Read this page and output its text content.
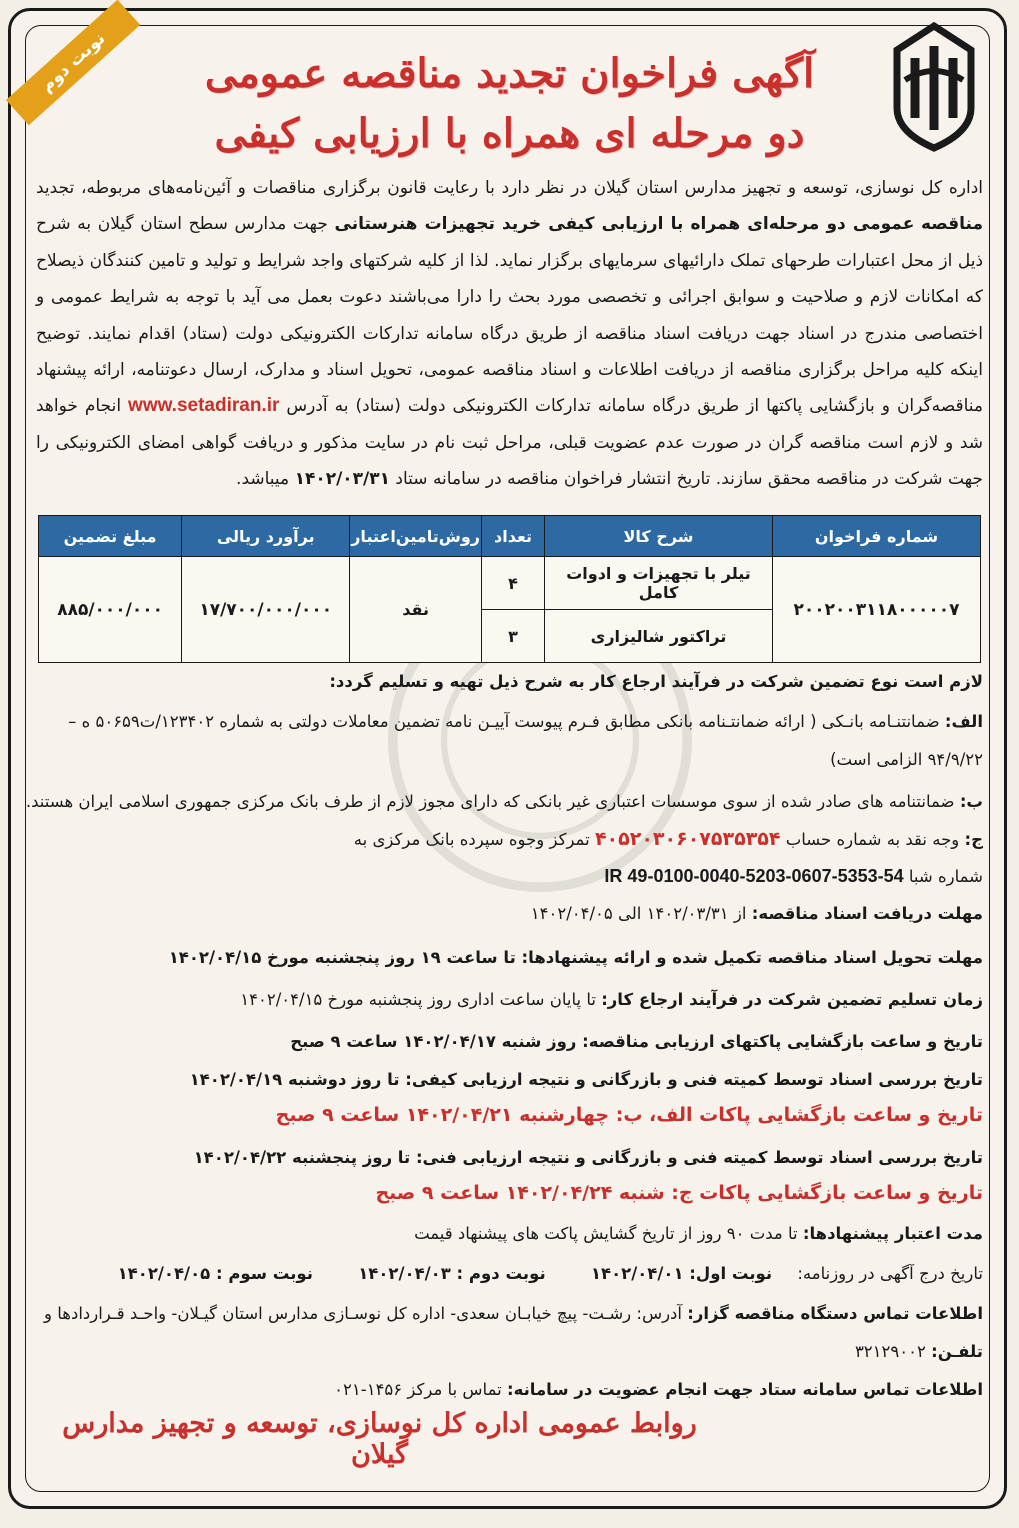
نوبت دوم	آگهی فراخوان تجدید مناقصه عمومی
دو مرحله ای همراه با ارزیابی کیفی
اداره کل نوسازی، توسعه و تجهیز مدارس استان گیلان در نظر دارد با رعایت قانون برگزاری مناقصات و آئین‌نامه‌های مربوطه، تجدید مناقصه عمومی دو مرحله‌ای همراه با ارزیابی کیفی خرید تجهیزات هنرستانی جهت مدارس سطح استان گیلان به شرح ذیل از محل اعتبارات طرحهای تملک دارائیهای سرمایهای برگزار نماید. لذا از کلیه شرکتهای واجد شرایط و تولید و تامین کنندگان ذیصلاح که امکانات لازم و صلاحیت و سوابق اجرائی و تخصصی مورد بحث را دارا می‌باشند دعوت بعمل می آید با توجه به شرایط عمومی و اختصاصی مندرج در اسناد جهت دریافت اسناد مناقصه از طریق درگاه سامانه تدارکات الکترونیکی دولت (ستاد) اقدام نمایند. توضیح اینکه کلیه مراحل برگزاری مناقصه از دریافت اطلاعات و اسناد مناقصه عمومی، تحویل اسناد و مدارک، ارسال دعوتنامه، ارائه پیشنهاد مناقصه‌گران و بازگشایی پاکتها از طریق درگاه سامانه تدارکات الکترونیکی دولت (ستاد) به آدرس www.setadiran.ir انجام خواهد شد و لازم است مناقصه گران در صورت عدم عضویت قبلی، مراحل ثبت نام در سایت مذکور و دریافت گواهی امضای الکترونیکی را جهت شرکت در مناقصه محقق سازند. تاریخ انتشار فراخوان مناقصه در سامانه ستاد ۱۴۰۲/۰۳/۳۱ میباشد.
شماره فراخوان	شرح کالا	تعداد	روش‌تامین‌اعتبار	برآورد ریالی	مبلغ تضمین
۲۰۰۲۰۰۳۱۱۸۰۰۰۰۰۷	تیلر با تجهیزات و ادوات کامل	۴	نقد	۱۷/۷۰۰/۰۰۰/۰۰۰	۸۸۵/۰۰۰/۰۰۰
	تراکتور شالیزاری	۳			
لازم است نوع تضمین شرکت در فرآیند ارجاع کار به شرح ذیل تهیه و تسلیم گردد:
الف: ضمانتنـامه بانـکی ( ارائه ضمانتـنامه بانکی مطابق فـرم پیوست آییـن نامه تضمین معاملات دولتی به شماره ۱۲۳۴۰۲/ت۵۰۶۵۹ ه –
۹۴/۹/۲۲ الزامی است)
ب: ضمانتنامه های صادر شده از سوی موسسات اعتباری غیر بانکی که دارای مجوز لازم از طرف بانک مرکزی جمهوری اسلامی ایران هستند.
ج: وجه نقد به شماره حساب ۴۰۵۲۰۳۰۶۰۷۵۳۵۳۵۴ تمرکز وجوه سپرده بانک مرکزی به
شماره شبا IR 49-0100-0040-5203-0607-5353-54
مهلت دریافت اسناد مناقصه: از ۱۴۰۲/۰۳/۳۱ الی ۱۴۰۲/۰۴/۰۵
مهلت تحویل اسناد مناقصه تکمیل شده و ارائه پیشنهادها: تا ساعت ۱۹ روز پنجشنبه مورخ ۱۴۰۲/۰۴/۱۵
زمان تسلیم تضمین شرکت در فرآیند ارجاع کار: تا پایان ساعت اداری روز پنجشنبه مورخ ۱۴۰۲/۰۴/۱۵
تاریخ و ساعت بازگشایی پاکتهای ارزیابی مناقصه: روز شنبه ۱۴۰۲/۰۴/۱۷ ساعت ۹ صبح
تاریخ بررسی اسناد توسط کمیته فنی و بازرگانی و نتیجه ارزیابی کیفی: تا روز دوشنبه ۱۴۰۲/۰۴/۱۹
تاریخ و ساعت بازگشایی پاکات الف، ب: چهارشنبه ۱۴۰۲/۰۴/۲۱ ساعت ۹ صبح
تاریخ بررسی اسناد توسط کمیته فنی و بازرگانی و نتیجه ارزیابی فنی: تا روز پنجشنبه ۱۴۰۲/۰۴/۲۲
تاریخ و ساعت بازگشایی پاکات ج: شنبه ۱۴۰۲/۰۴/۲۴ ساعت ۹ صبح
مدت اعتبار پیشنهادها: تا مدت ۹۰ روز از تاریخ گشایش پاکت های پیشنهاد قیمت
تاریخ درج آگهی در روزنامه: نوبت اول: ۱۴۰۲/۰۴/۰۱ نوبت دوم : ۱۴۰۲/۰۴/۰۳ نوبت سوم : ۱۴۰۲/۰۴/۰۵
اطلاعات تماس دستگاه مناقصه گزار: آدرس: رشـت- پیچ خیابـان سعدی- اداره کل نوسـازی مدارس استان گیـلان- واحـد قـراردادها و
تلفـن: ۳۲۱۲۹۰۰۲
اطلاعات تماس سامانه ستاد جهت انجام عضویت در سامانه: تماس با مرکز ۱۴۵۶-۰۲۱
روابط عمومی اداره کل نوسازی، توسعه و تجهیز مدارس گیلان
